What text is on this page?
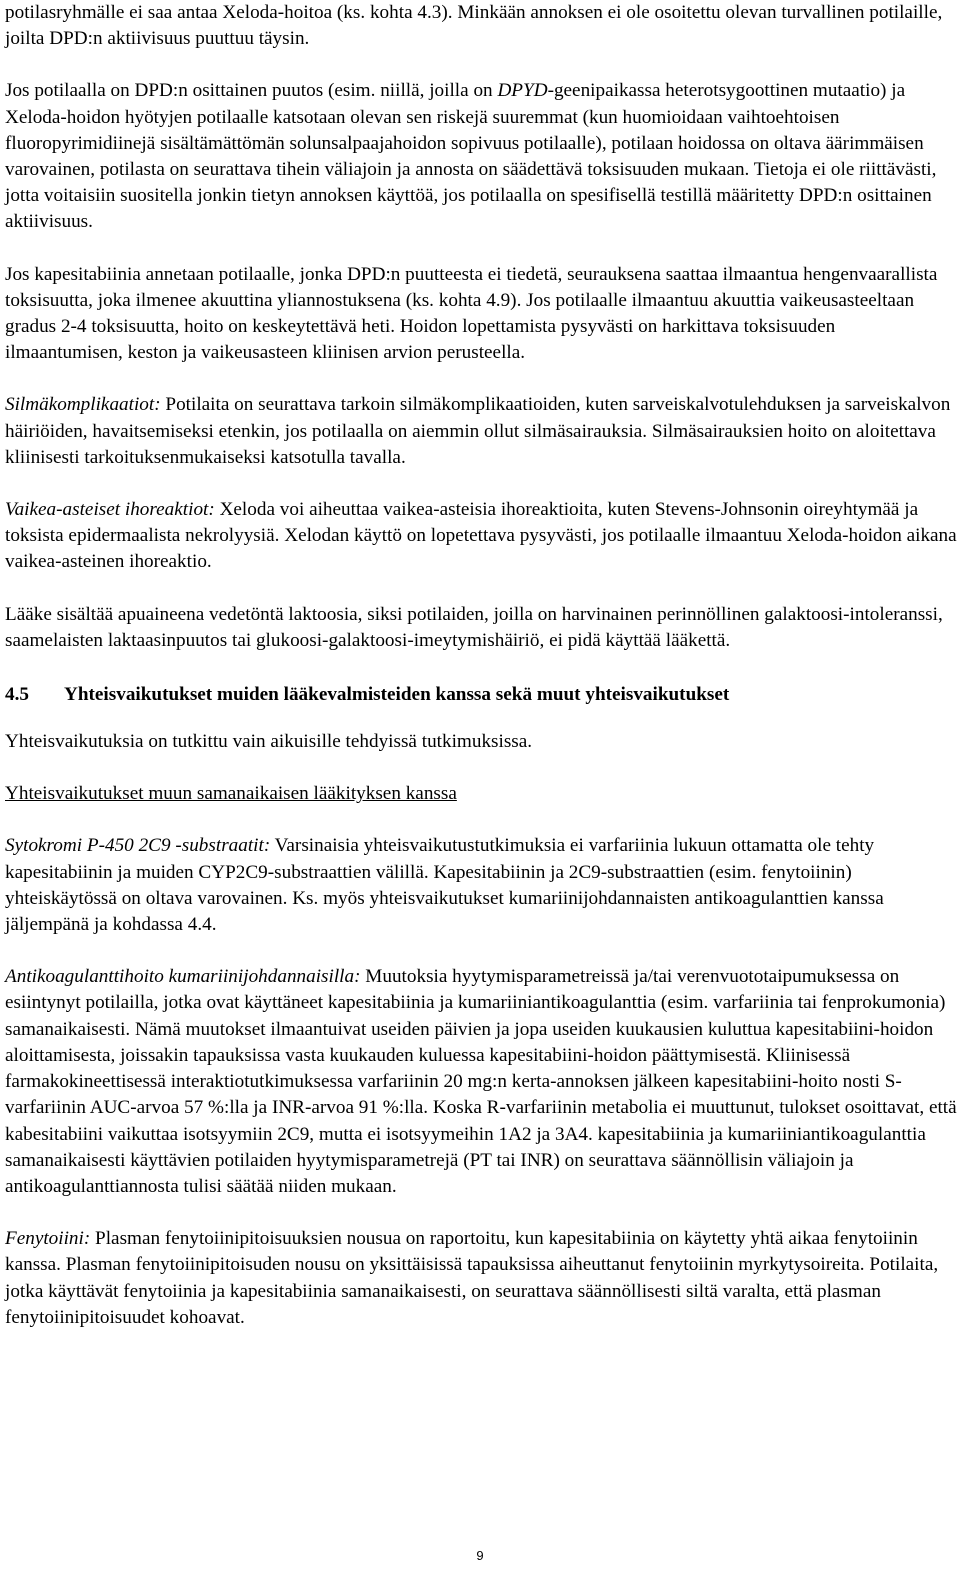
potilasryhmälle ei saa antaa Xeloda-hoitoa (ks. kohta 4.3). Minkään annoksen ei ole osoitettu olevan turvallinen potilaille, joilta DPD:n aktiivisuus puuttuu täysin.

Jos potilaalla on DPD:n osittainen puutos (esim. niillä, joilla on DPYD-geenipaikassa heterotsygoottinen mutaatio) ja Xeloda-hoidon hyötyjen potilaalle katsotaan olevan sen riskejä suuremmat (kun huomioidaan vaihtoehtoisen fluoropyrimidiinejä sisältämättömän solunsalpaajahoidon sopivuus potilaalle), potilaan hoidossa on oltava äärimmäisen varovainen, potilasta on seurattava tihein väliajoin ja annosta on säädettävä toksisuuden mukaan. Tietoja ei ole riittävästi, jotta voitaisiin suositella jonkin tietyn annoksen käyttöä, jos potilaalla on spesifisellä testillä määritetty DPD:n osittainen aktiivisuus.

Jos kapesitabiinia annetaan potilaalle, jonka DPD:n puutteesta ei tiedetä, seurauksena saattaa ilmaantua hengenvaarallista toksisuutta, joka ilmenee akuuttina yliannostuksena (ks. kohta 4.9). Jos potilaalle ilmaantuu akuuttia vaikeusasteeltaan gradus 2-4 toksisuutta, hoito on keskeytettävä heti. Hoidon lopettamista pysyvästi on harkittava toksisuuden ilmaantumisen, keston ja vaikeusasteen kliinisen arvion perusteella.

Silmäkomplikaatiot: Potilaita on seurattava tarkoin silmäkomplikaatioiden, kuten sarveiskalvotulehduksen ja sarveiskalvon häiriöiden, havaitsemiseksi etenkin, jos potilaalla on aiemmin ollut silmäsairauksia. Silmäsairauksien hoito on aloitettava kliinisesti tarkoituksenmukaiseksi katsotulla tavalla.

Vaikea-asteiset ihoreaktiot: Xeloda voi aiheuttaa vaikea-asteisia ihoreaktioita, kuten Stevens-Johnsonin oireyhtymää ja toksista epidermaalista nekrolyysiä. Xelodan käyttö on lopetettava pysyvästi, jos potilaalle ilmaantuu Xeloda-hoidon aikana vaikea-asteinen ihoreaktio.

Lääke sisältää apuaineena vedetöntä laktoosia, siksi potilaiden, joilla on harvinainen perinnöllinen galaktoosi-intoleranssi, saamelaisten laktaasinpuutos tai glukoosi-galaktoosi-imeytymishäiriö, ei pidä käyttää lääkettä.

4.5 Yhteisvaikutukset muiden lääkevalmisteiden kanssa sekä muut yhteisvaikutukset

Yhteisvaikutuksia on tutkittu vain aikuisille tehdyissä tutkimuksissa.

Yhteisvaikutukset muun samanaikaisen lääkityksen kanssa

Sytokromi P-450 2C9 -substraatit: Varsinaisia yhteisvaikutustutkimuksia ei varfariinia lukuun ottamatta ole tehty kapesitabiinin ja muiden CYP2C9-substraattien välillä. Kapesitabiinin ja 2C9-substraattien (esim. fenytoiinin) yhteiskäytössä on oltava varovainen. Ks. myös yhteisvaikutukset kumariinijohdannaisten antikoagulanttien kanssa jäljempänä ja kohdassa 4.4.

Antikoagulanttihoito kumariinijohdannaisilla: Muutoksia hyytymisparametreissä ja/tai verenvuototaipumuksessa on esiintynyt potilailla, jotka ovat käyttäneet kapesitabiinia ja kumariiniantikoagulanttia (esim. varfariinia tai fenprokumonia) samanaikaisesti. Nämä muutokset ilmaantuivat useiden päivien ja jopa useiden kuukausien kuluttua kapesitabiini-hoidon aloittamisesta, joissakin tapauksissa vasta kuukauden kuluessa kapesitabiini-hoidon päättymisestä. Kliinisessä farmakokineettisessä interaktiotutkimuksessa varfariinin 20 mg:n kerta-annoksen jälkeen kapesitabiini-hoito nosti S-varfariinin AUC-arvoa 57 %:lla ja INR-arvoa 91 %:lla. Koska R-varfariinin metabolia ei muuttunut, tulokset osoittavat, että kabesitabiini vaikuttaa isotsyymiin 2C9, mutta ei isotsyymeihin 1A2 ja 3A4. kapesitabiinia ja kumariiniantikoagulanttia samanaikaisesti käyttävien potilaiden hyytymisparametrejä (PT tai INR) on seurattava säännöllisin väliajoin ja antikoagulanttiannosta tulisi säätää niiden mukaan.

Fenytoiini: Plasman fenytoiinipitoisuuksien nousua on raportoitu, kun kapesitabiinia on käytetty yhtä aikaa fenytoiinin kanssa. Plasman fenytoiinipitoisuden nousu on yksittäisissä tapauksissa aiheuttanut fenytoiinin myrkytysoireita. Potilaita, jotka käyttävät fenytoiinia ja kapesitabiinia samanaikaisesti, on seurattava säännöllisesti siltä varalta, että plasman fenytoiinipitoisuudet kohoavat.

9
